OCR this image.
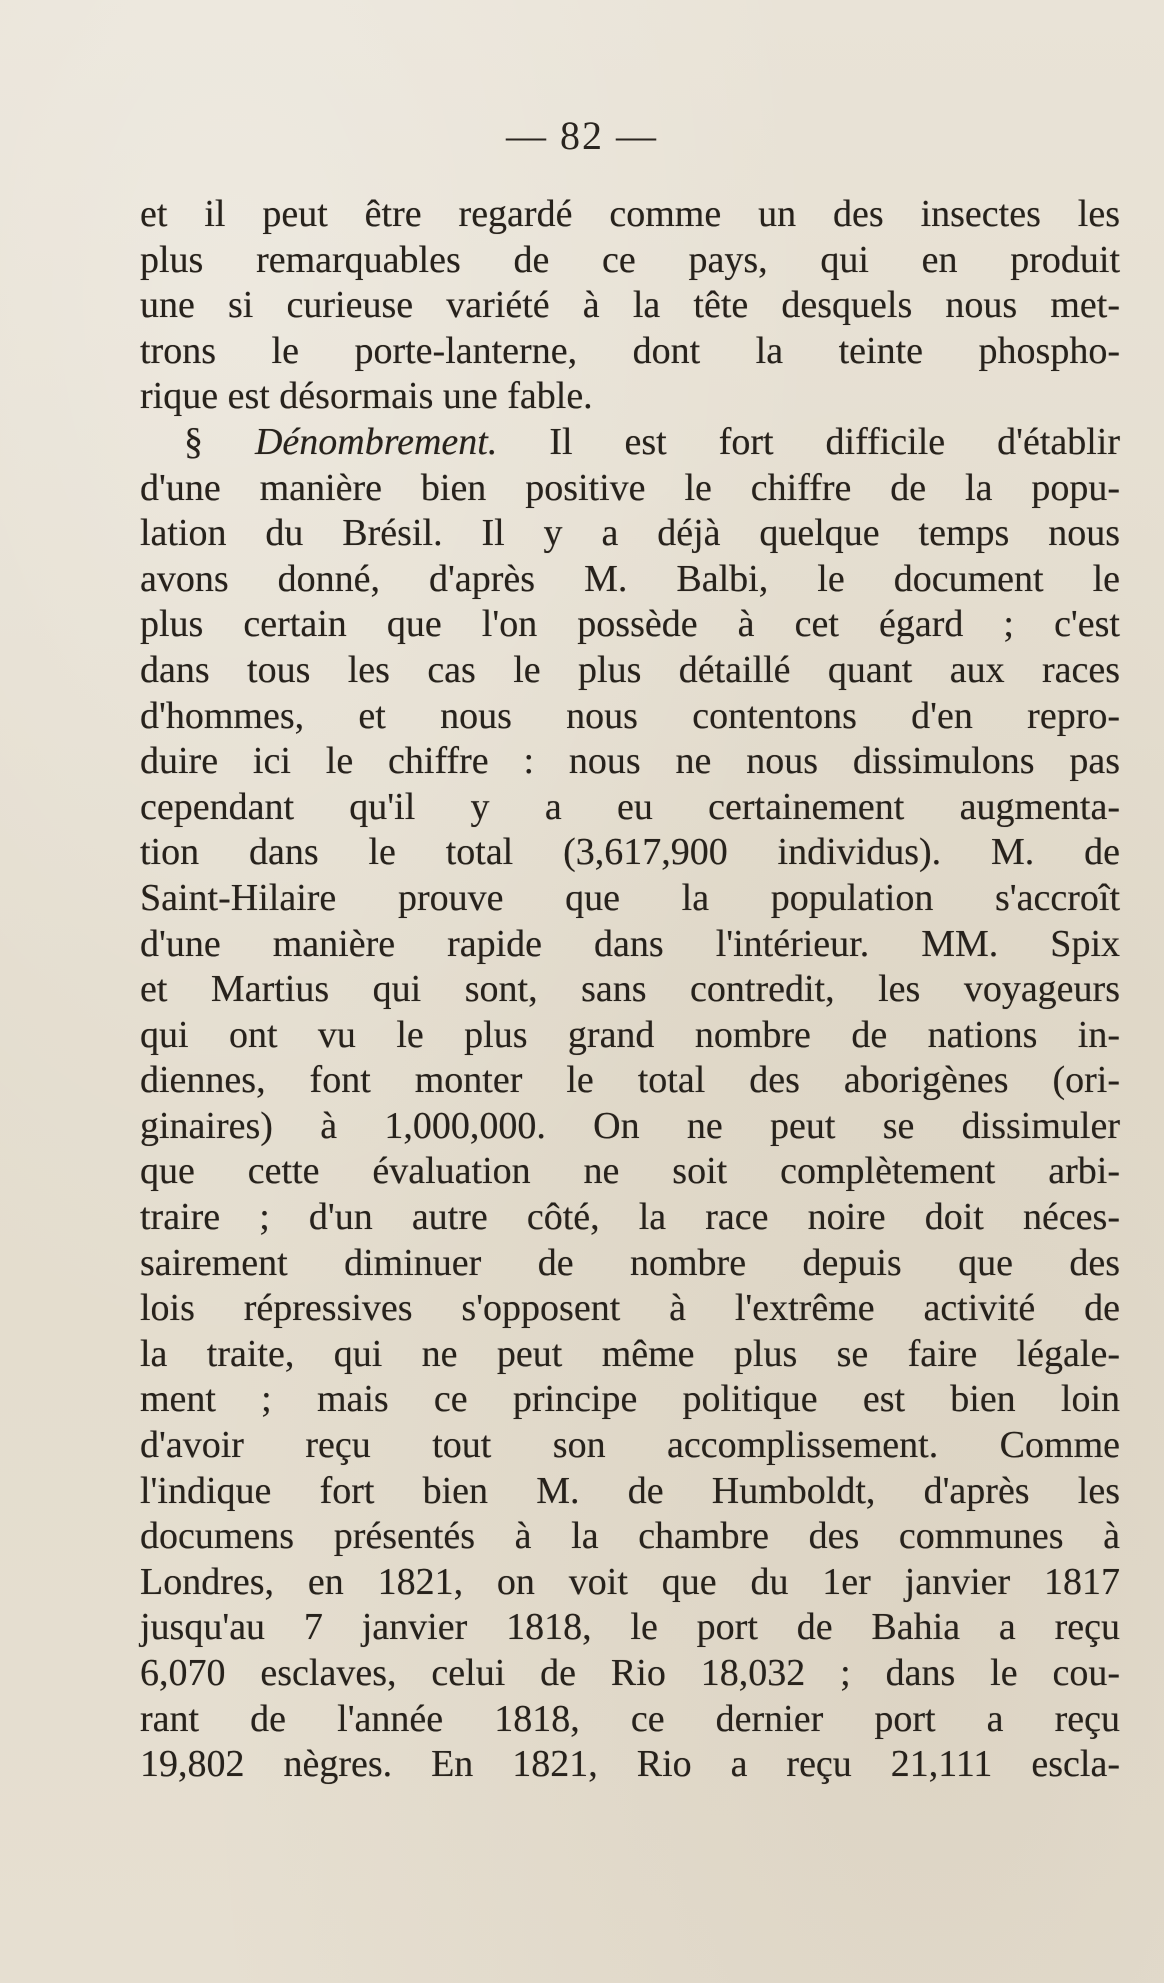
— 82 —
et il peut être regardé comme un des insectes les
plus remarquables de ce pays, qui en produit
une si curieuse variété à la tête desquels nous met-
trons le porte-lanterne, dont la teinte phospho-
rique est désormais une fable.
§ Dénombrement. Il est fort difficile d'établir
d'une manière bien positive le chiffre de la popu-
lation du Brésil. Il y a déjà quelque temps nous
avons donné, d'après M. Balbi, le document le
plus certain que l'on possède à cet égard ; c'est
dans tous les cas le plus détaillé quant aux races
d'hommes, et nous nous contentons d'en repro-
duire ici le chiffre : nous ne nous dissimulons pas
cependant qu'il y a eu certainement augmenta-
tion dans le total (3,617,900 individus). M. de
Saint-Hilaire prouve que la population s'accroît
d'une manière rapide dans l'intérieur. MM. Spix
et Martius qui sont, sans contredit, les voyageurs
qui ont vu le plus grand nombre de nations in-
diennes, font monter le total des aborigènes (ori-
ginaires) à 1,000,000. On ne peut se dissimuler
que cette évaluation ne soit complètement arbi-
traire ; d'un autre côté, la race noire doit néces-
sairement diminuer de nombre depuis que des
lois répressives s'opposent à l'extrême activité de
la traite, qui ne peut même plus se faire légale-
ment ; mais ce principe politique est bien loin
d'avoir reçu tout son accomplissement. Comme
l'indique fort bien M. de Humboldt, d'après les
documens présentés à la chambre des communes à
Londres, en 1821, on voit que du 1er janvier 1817
jusqu'au 7 janvier 1818, le port de Bahia a reçu
6,070 esclaves, celui de Rio 18,032 ; dans le cou-
rant de l'année 1818, ce dernier port a reçu
19,802 nègres. En 1821, Rio a reçu 21,111 escla-
